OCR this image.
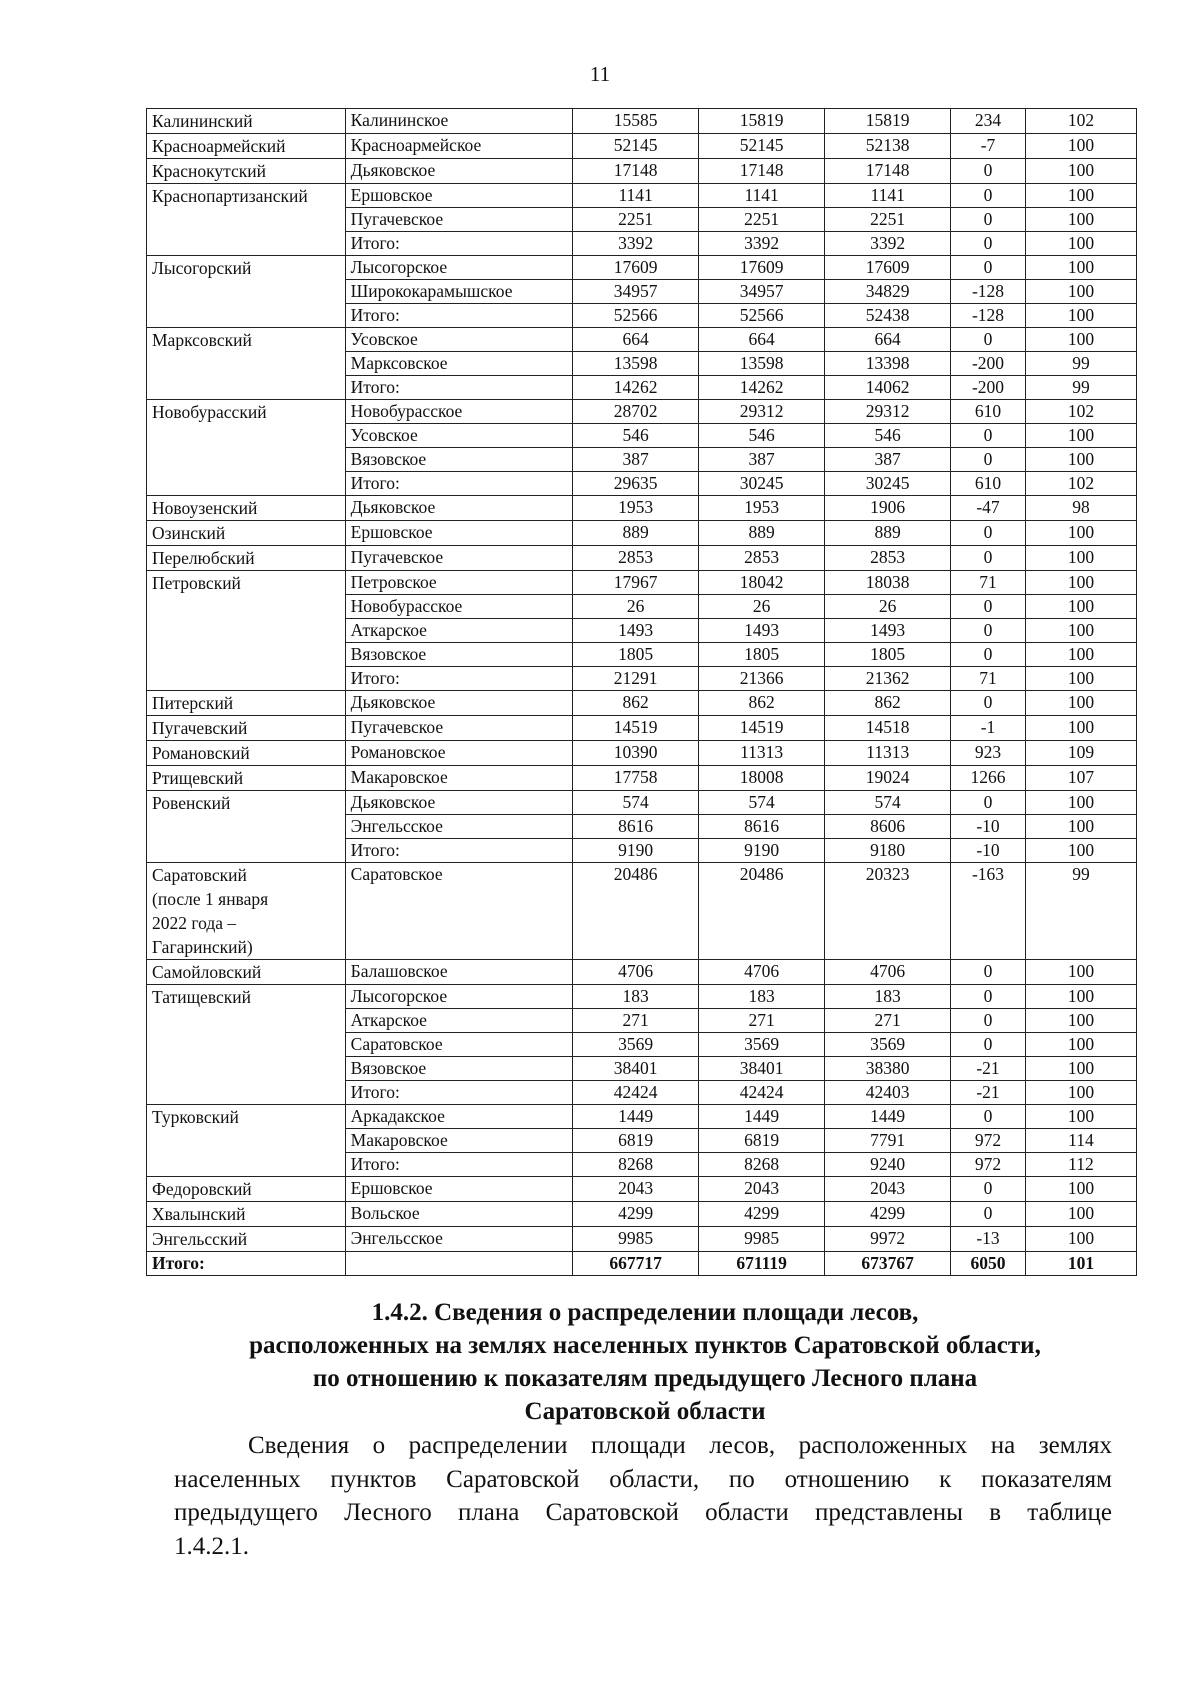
11
Калининский	Калининское	15585	15819	15819	234	102
Красноармейский	Красноармейское	52145	52145	52138	-7	100
Краснокутский	Дьяковское	17148	17148	17148	0	100
Краснопартизанский	Ершовское	1141	1141	1141	0	100
	Пугачевское	2251	2251	2251	0	100
	Итого:	3392	3392	3392	0	100
Лысогорский	Лысогорское	17609	17609	17609	0	100
	Ширококарамышское	34957	34957	34829	-128	100
	Итого:	52566	52566	52438	-128	100
Марксовский	Усовское	664	664	664	0	100
	Марксовское	13598	13598	13398	-200	99
	Итого:	14262	14262	14062	-200	99
Новобурасский	Новобурасское	28702	29312	29312	610	102
	Усовское	546	546	546	0	100
	Вязовское	387	387	387	0	100
	Итого:	29635	30245	30245	610	102
Новоузенский	Дьяковское	1953	1953	1906	-47	98
Озинский	Ершовское	889	889	889	0	100
Перелюбский	Пугачевское	2853	2853	2853	0	100
Петровский	Петровское	17967	18042	18038	71	100
	Новобурасское	26	26	26	0	100
	Аткарское	1493	1493	1493	0	100
	Вязовское	1805	1805	1805	0	100
	Итого:	21291	21366	21362	71	100
Питерский	Дьяковское	862	862	862	0	100
Пугачевский	Пугачевское	14519	14519	14518	-1	100
Романовский	Романовское	10390	11313	11313	923	109
Ртищевский	Макаровское	17758	18008	19024	1266	107
Ровенский	Дьяковское	574	574	574	0	100
	Энгельсское	8616	8616	8606	-10	100
	Итого:	9190	9190	9180	-10	100
Саратовский
(после 1 января
2022 года –
Гагаринский)	Саратовское	20486	20486	20323	-163	99
Самойловский	Балашовское	4706	4706	4706	0	100
Татищевский	Лысогорское	183	183	183	0	100
	Аткарское	271	271	271	0	100
	Саратовское	3569	3569	3569	0	100
	Вязовское	38401	38401	38380	-21	100
	Итого:	42424	42424	42403	-21	100
Турковский	Аркадакское	1449	1449	1449	0	100
	Макаровское	6819	6819	7791	972	114
	Итого:	8268	8268	9240	972	112
Федоровский	Ершовское	2043	2043	2043	0	100
Хвалынский	Вольское	4299	4299	4299	0	100
Энгельсский	Энгельсское	9985	9985	9972	-13	100
Итого:		667717	671119	673767	6050	101
1.4.2. Сведения о распределении площади лесов,
расположенных на землях населенных пунктов Саратовской области,
по отношению к показателям предыдущего Лесного плана
Саратовской области
Сведения о распределении площади лесов, расположенных на землях
населенных пунктов Саратовской области, по отношению к показателям
предыдущего Лесного плана Саратовской области представлены в таблице
1.4.2.1.
